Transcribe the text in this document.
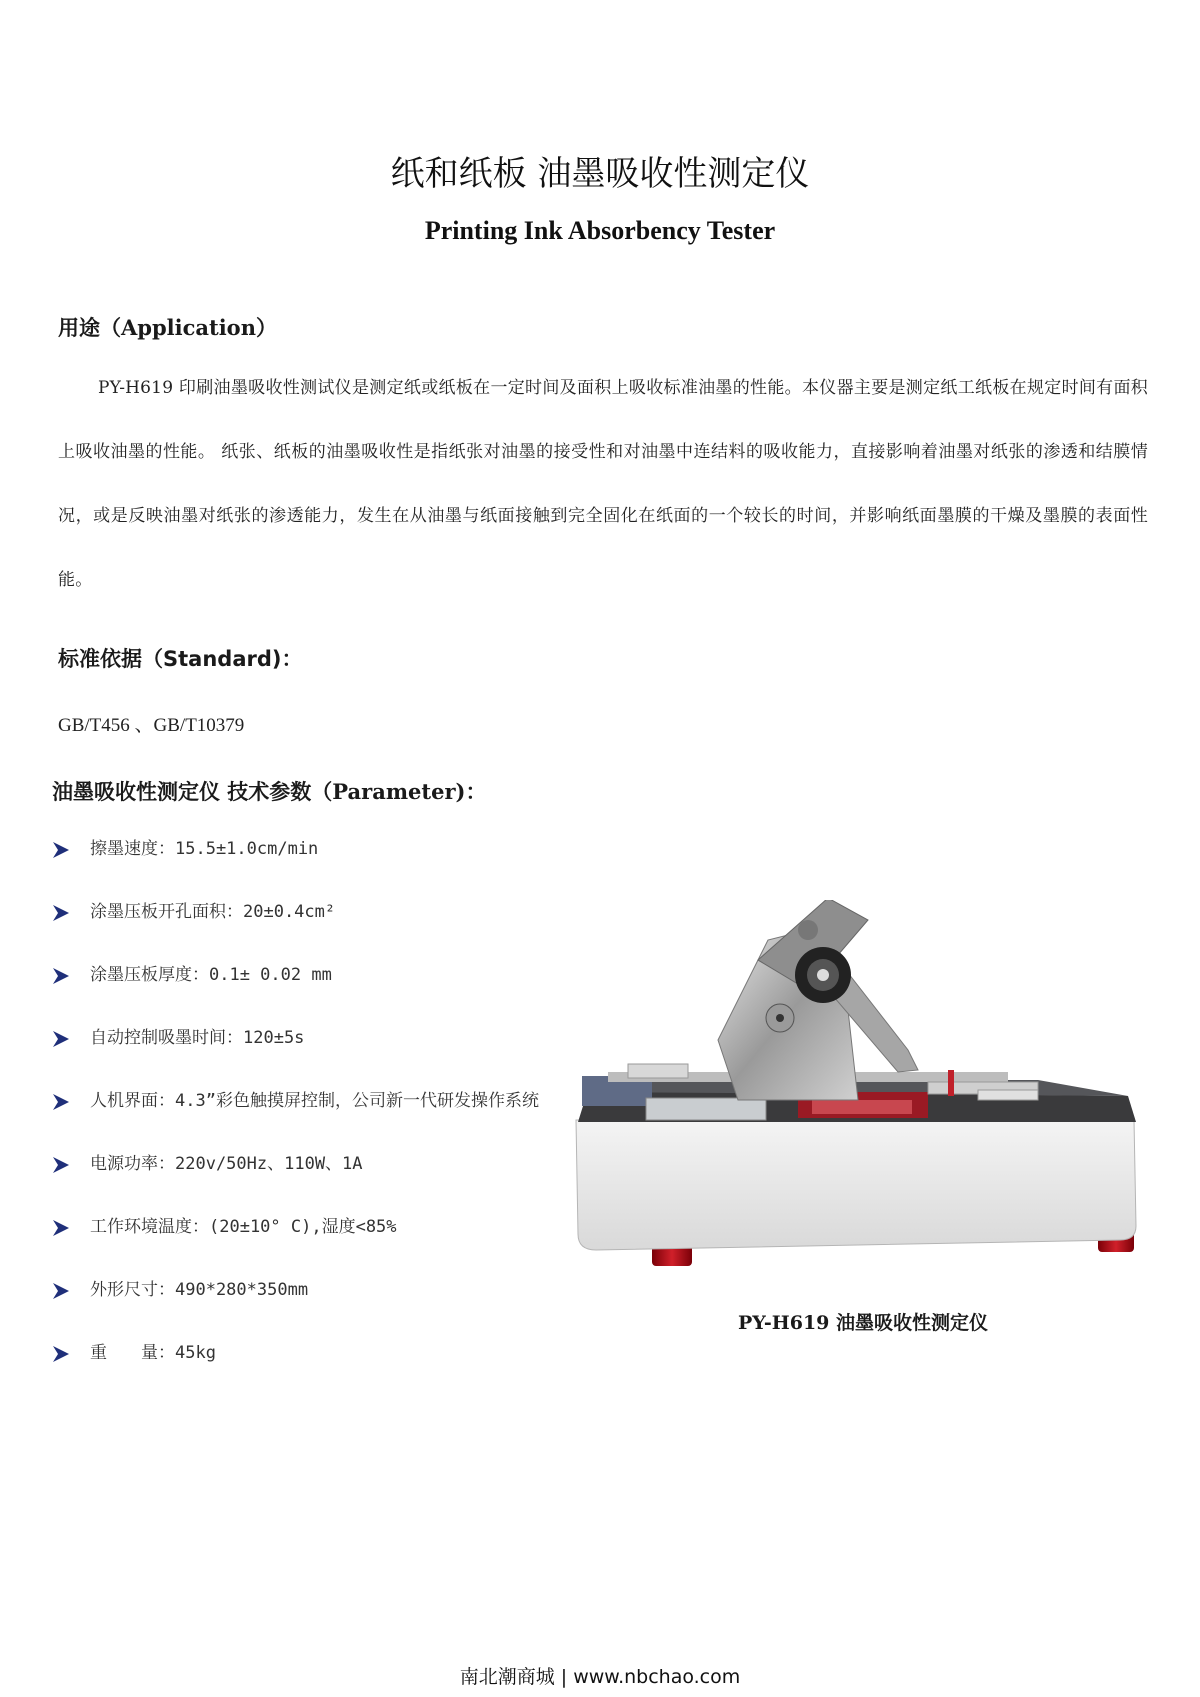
纸和纸板 油墨吸收性测定仪
Printing Ink Absorbency Tester
用途（Application）
PY-H619 印刷油墨吸收性测试仪是测定纸或纸板在一定时间及面积上吸收标准油墨的性能。本仪器主要是测定纸工纸板在规定时间有面积上吸收油墨的性能。 纸张、纸板的油墨吸收性是指纸张对油墨的接受性和对油墨中连结料的吸收能力，直接影响着油墨对纸张的渗透和结膜情况，或是反映油墨对纸张的渗透能力，发生在从油墨与纸面接触到完全固化在纸面的一个较长的时间，并影响纸面墨膜的干燥及墨膜的表面性能。
标准依据（Standard)：
GB/T456 、GB/T10379
油墨吸收性测定仪 技术参数（Parameter)：
擦墨速度：15.5±1.0cm/min
涂墨压板开孔面积：20±0.4cm²
涂墨压板厚度：0.1± 0.02 mm
自动控制吸墨时间：120±5s
人机界面：4.3”彩色触摸屏控制，公司新一代研发操作系统
电源功率：220v/50Hz、110W、1A
工作环境温度：(20±10° C),湿度<85%
外形尺寸：490*280*350mm
重　　量：45kg
PY-H619 油墨吸收性测定仪
南北潮商城 | www.nbchao.com
